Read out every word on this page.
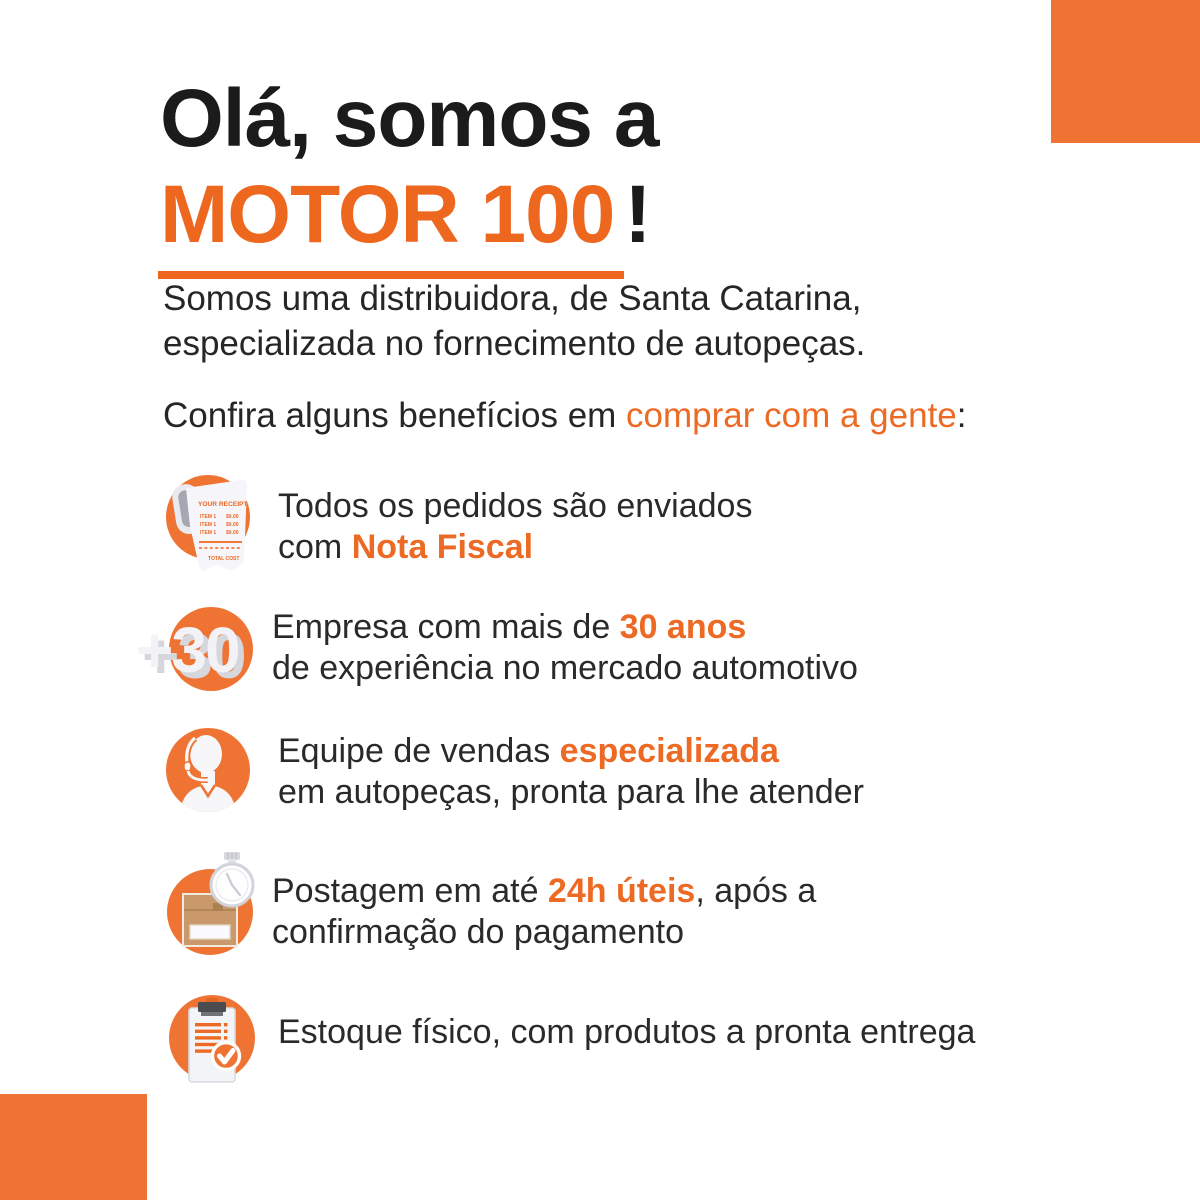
Olá, somos a
MOTOR 100 !

Somos uma distribuidora, de Santa Catarina,
especializada no fornecimento de autopeças.

Confira alguns benefícios em comprar com a gente:

YOUR RECEIPT
ITEM 1 $0.00
ITEM 1 $0.00
ITEM 1 $0.00
TOTAL COST
Todos os pedidos são enviados
com Nota Fiscal
+30 Empresa com mais de 30 anos
de experiência no mercado automotivo
Equipe de vendas especializada
em autopeças, pronta para lhe atender
Postagem em até 24h úteis, após a
confirmação do pagamento
Estoque físico, com produtos a pronta entrega
